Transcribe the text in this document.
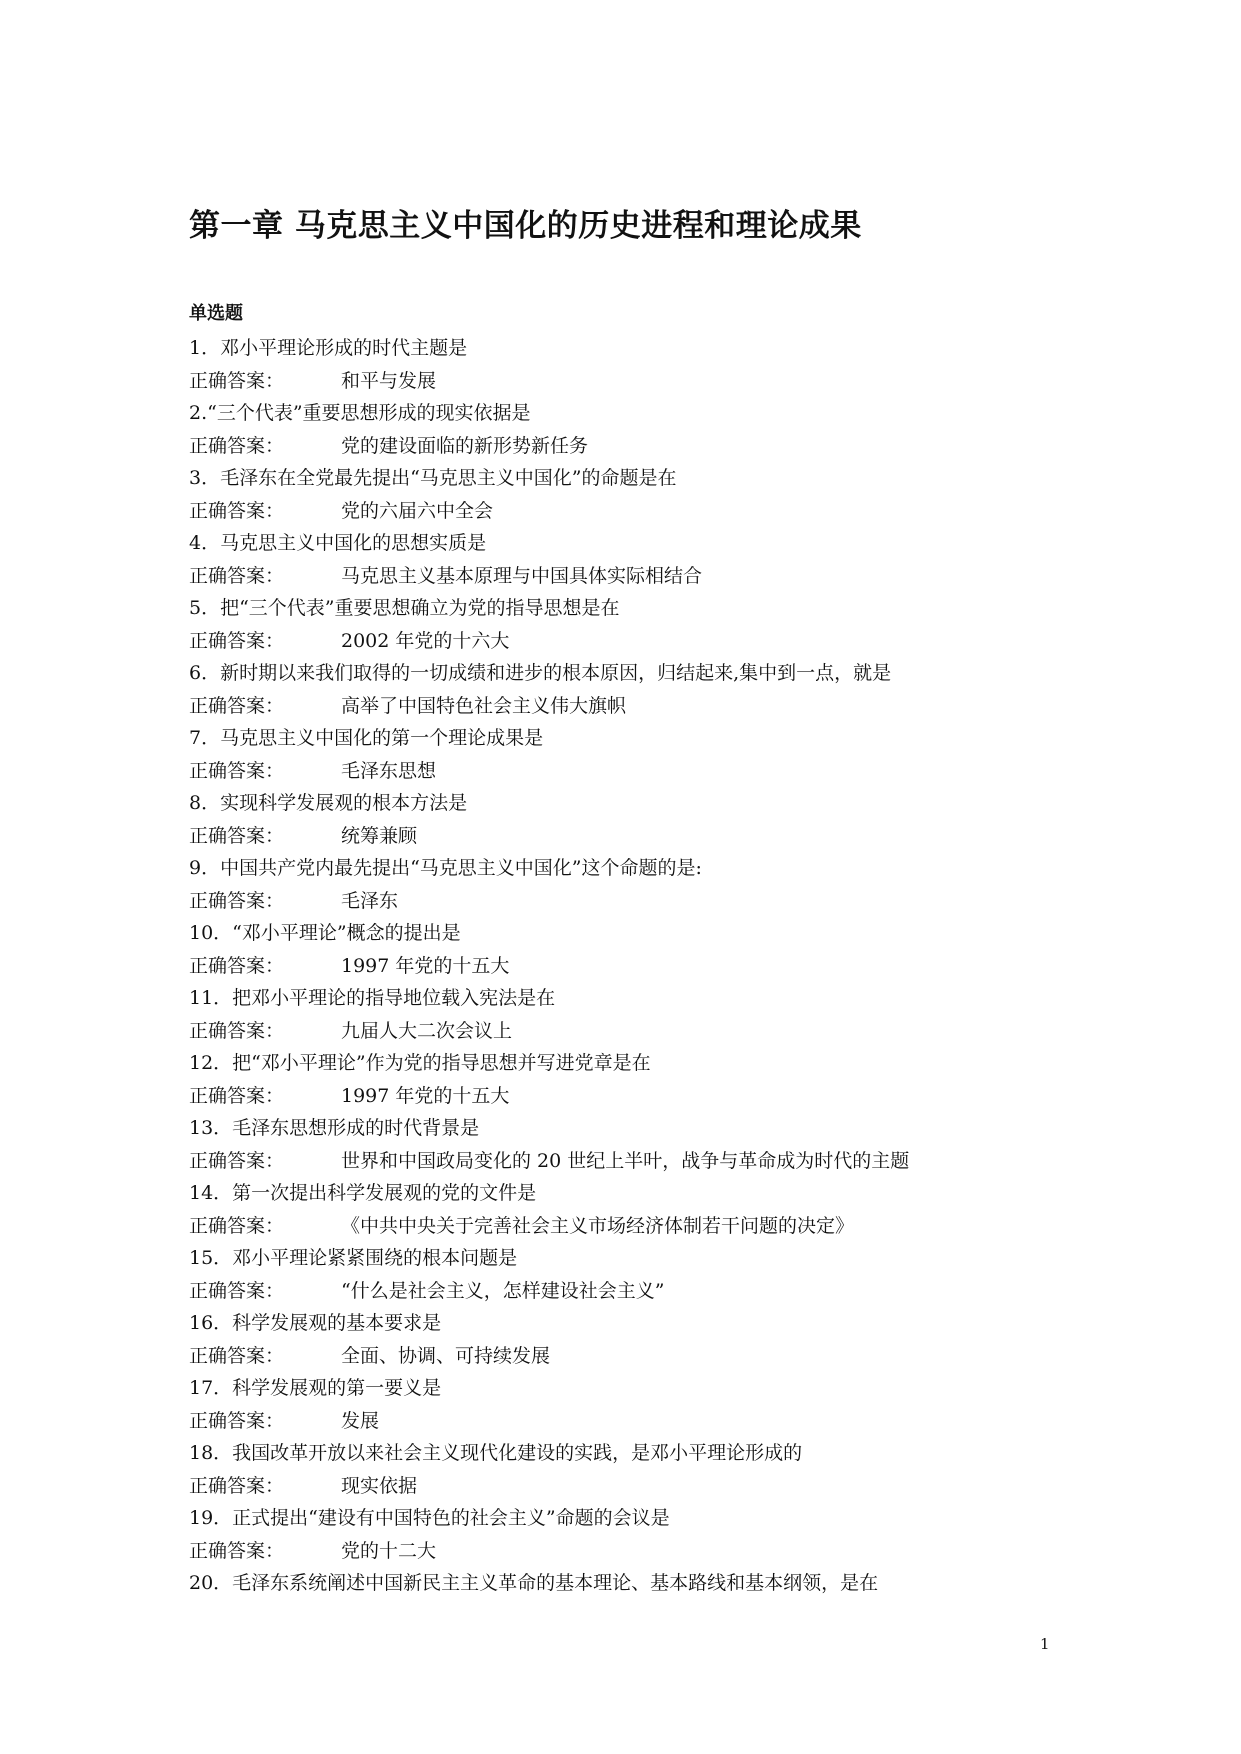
第一章 马克思主义中国化的历史进程和理论成果
单选题
1．邓小平理论形成的时代主题是
正确答案：	和平与发展
2.“三个代表”重要思想形成的现实依据是
正确答案：	党的建设面临的新形势新任务
3．毛泽东在全党最先提出“马克思主义中国化”的命题是在
正确答案：	党的六届六中全会
4．马克思主义中国化的思想实质是
正确答案：	马克思主义基本原理与中国具体实际相结合
5．把“三个代表”重要思想确立为党的指导思想是在
正确答案：	2002 年党的十六大
6．新时期以来我们取得的一切成绩和进步的根本原因，归结起来,集中到一点，就是
正确答案：	高举了中国特色社会主义伟大旗帜
7．马克思主义中国化的第一个理论成果是
正确答案：	毛泽东思想
8．实现科学发展观的根本方法是
正确答案：	统筹兼顾
9．中国共产党内最先提出“马克思主义中国化”这个命题的是:
正确答案：	毛泽东
10．“邓小平理论”概念的提出是
正确答案：	1997 年党的十五大
11．把邓小平理论的指导地位载入宪法是在
正确答案：	九届人大二次会议上
12．把“邓小平理论”作为党的指导思想并写进党章是在
正确答案：	1997 年党的十五大
13．毛泽东思想形成的时代背景是
正确答案：	世界和中国政局变化的 20 世纪上半叶，战争与革命成为时代的主题
14．第一次提出科学发展观的党的文件是
正确答案：	《中共中央关于完善社会主义市场经济体制若干问题的决定》
15．邓小平理论紧紧围绕的根本问题是
正确答案：	“什么是社会主义，怎样建设社会主义”
16．科学发展观的基本要求是
正确答案：	全面、协调、可持续发展
17．科学发展观的第一要义是
正确答案：	发展
18．我国改革开放以来社会主义现代化建设的实践，是邓小平理论形成的
正确答案：	现实依据
19．正式提出“建设有中国特色的社会主义”命题的会议是
正确答案：	党的十二大
20．毛泽东系统阐述中国新民主主义革命的基本理论、基本路线和基本纲领，是在
1
